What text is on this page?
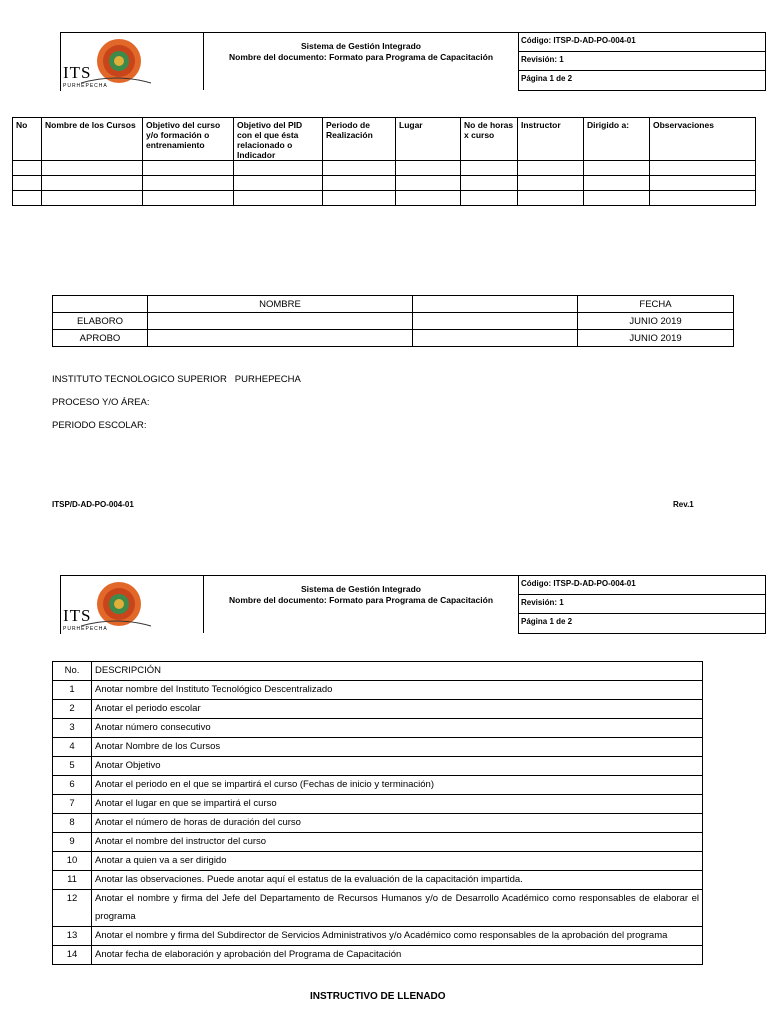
ITS
PURHEPECHA
Sistema de Gestión Integrado
Nombre del documento: Formato para Programa de Capacitación
Código: ITSP-D-AD-PO-004-01
Revisión: 1
Página 1 de 2
No	Nombre de los Cursos	Objetivo del curso y/o formación o entrenamiento	Objetivo del PID con el que ésta relacionado o Indicador	Periodo de Realización	Lugar	No de horas x curso	Instructor	Dirigido a:	Observaciones

	NOMBRE		FECHA
ELABORO			JUNIO 2019
APROBO			JUNIO 2019
INSTITUTO TECNOLOGICO SUPERIOR   PURHEPECHA
PROCESO Y/O ÁREA:
PERIODO ESCOLAR:
ITSP/D-AD-PO-004-01	Rev.1
ITS
PURHEPECHA
Sistema de Gestión Integrado
Nombre del documento: Formato para Programa de Capacitación
Código: ITSP-D-AD-PO-004-01
Revisión: 1
Página 1 de 2
No.	DESCRIPCIÓN
1	Anotar nombre del Instituto Tecnológico Descentralizado
2	Anotar el periodo escolar
3	Anotar número consecutivo
4	Anotar Nombre de los Cursos
5	Anotar Objetivo
6	Anotar el periodo en el que se impartirá el curso (Fechas de inicio y terminación)
7	Anotar el lugar en que se impartirá el curso
8	Anotar el número de horas de duración del curso
9	Anotar el nombre del instructor del curso
10	Anotar a quien va a ser dirigido
11	Anotar las observaciones. Puede anotar aquí el estatus de la evaluación de la capacitación impartida.
12	Anotar el nombre y firma del Jefe del Departamento de Recursos Humanos y/o de Desarrollo Académico como responsables de elaborar el programa
13	Anotar el nombre y firma del Subdirector de Servicios Administrativos y/o Académico como responsables de la aprobación del programa
14	Anotar fecha de elaboración y aprobación del Programa de Capacitación
INSTRUCTIVO DE LLENADO
